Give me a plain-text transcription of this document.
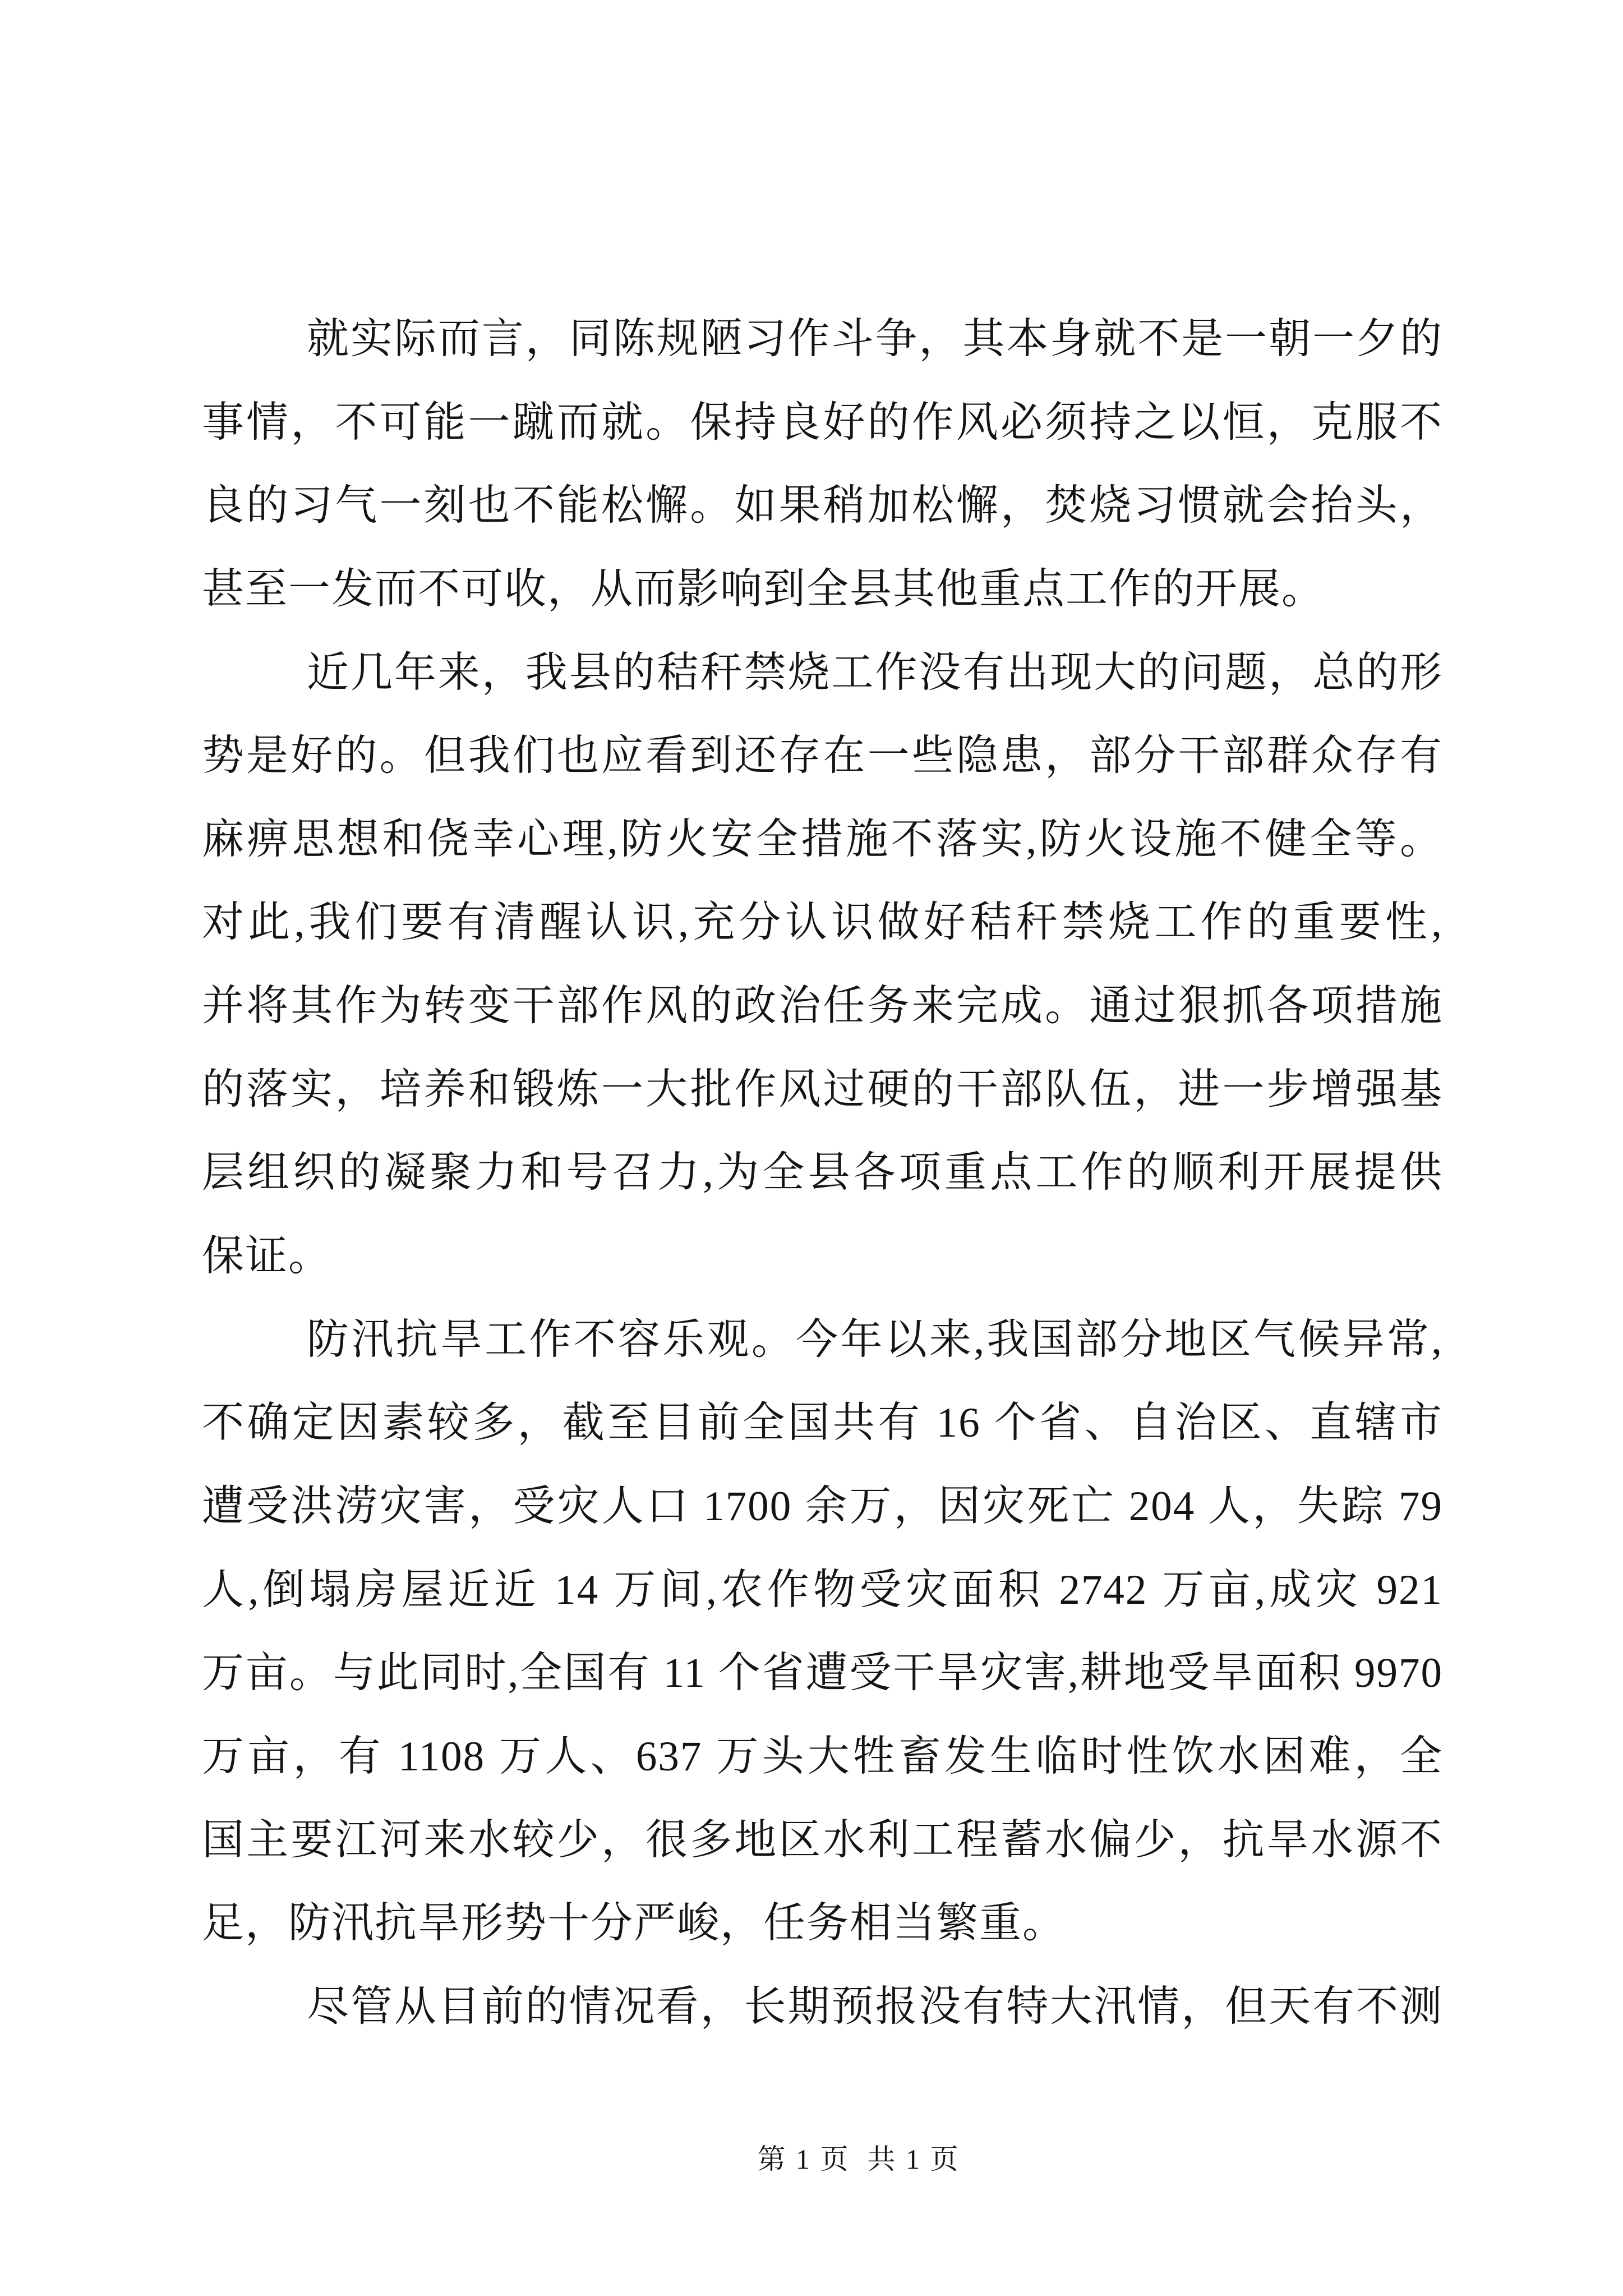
就实际而言，同陈规陋习作斗争，其本身就不是一朝一夕的
事情，不可能一蹴而就。保持良好的作风必须持之以恒，克服不
良的习气一刻也不能松懈。如果稍加松懈，焚烧习惯就会抬头，
甚至一发而不可收，从而影响到全县其他重点工作的开展。
近几年来，我县的秸秆禁烧工作没有出现大的问题，总的形
势是好的。但我们也应看到还存在一些隐患，部分干部群众存有
麻痹思想和侥幸心理,防火安全措施不落实,防火设施不健全等。
对此,我们要有清醒认识,充分认识做好秸秆禁烧工作的重要性,
并将其作为转变干部作风的政治任务来完成。通过狠抓各项措施
的落实，培养和锻炼一大批作风过硬的干部队伍，进一步增强基
层组织的凝聚力和号召力,为全县各项重点工作的顺利开展提供
保证。
防汛抗旱工作不容乐观。今年以来,我国部分地区气候异常,
不确定因素较多，截至目前全国共有 16 个省、自治区、直辖市
遭受洪涝灾害，受灾人口 1700 余万，因灾死亡 204 人，失踪 79
人,倒塌房屋近近 14 万间,农作物受灾面积 2742 万亩,成灾 921
万亩。与此同时,全国有 11 个省遭受干旱灾害,耕地受旱面积 9970
万亩，有 1108 万人、637 万头大牲畜发生临时性饮水困难，全
国主要江河来水较少，很多地区水利工程蓄水偏少，抗旱水源不
足，防汛抗旱形势十分严峻，任务相当繁重。
尽管从目前的情况看，长期预报没有特大汛情，但天有不测
第 1 页  共 1 页
